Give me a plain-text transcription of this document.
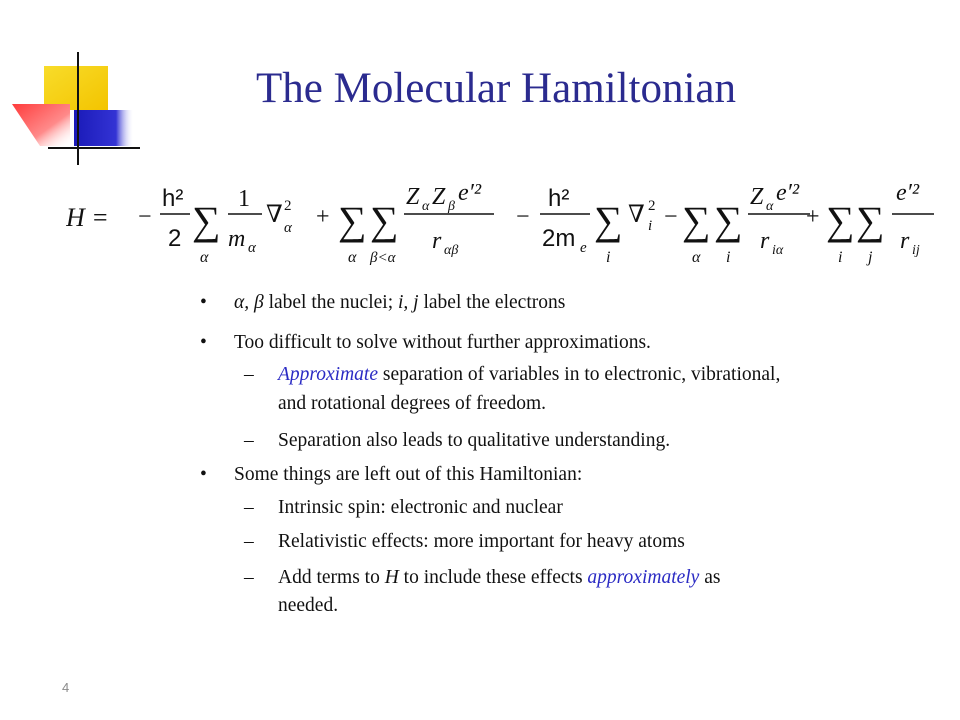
The Molecular Hamiltonian
H = −
h²
2 ∑
α
1
m α
∇ 2
α + ∑
α
∑
β<α
Z α Z β
e′²
r αβ
−
h²
2m e
∑
i
∇ i
2 − ∑
α
∑
i
Z α
e′²
r iα
+ ∑
i
∑
j
e′²
r ij
• α, β label the nuclei; i, j label the electrons
• Too difficult to solve without further approximations.
– Approximate separation of variables in to electronic, vibrational,
and rotational degrees of freedom.
– Separation also leads to qualitative understanding.
• Some things are left out of this Hamiltonian:
– Intrinsic spin: electronic and nuclear
– Relativistic effects: more important for heavy atoms
– Add terms to H to include these effects approximately as
needed.
4
